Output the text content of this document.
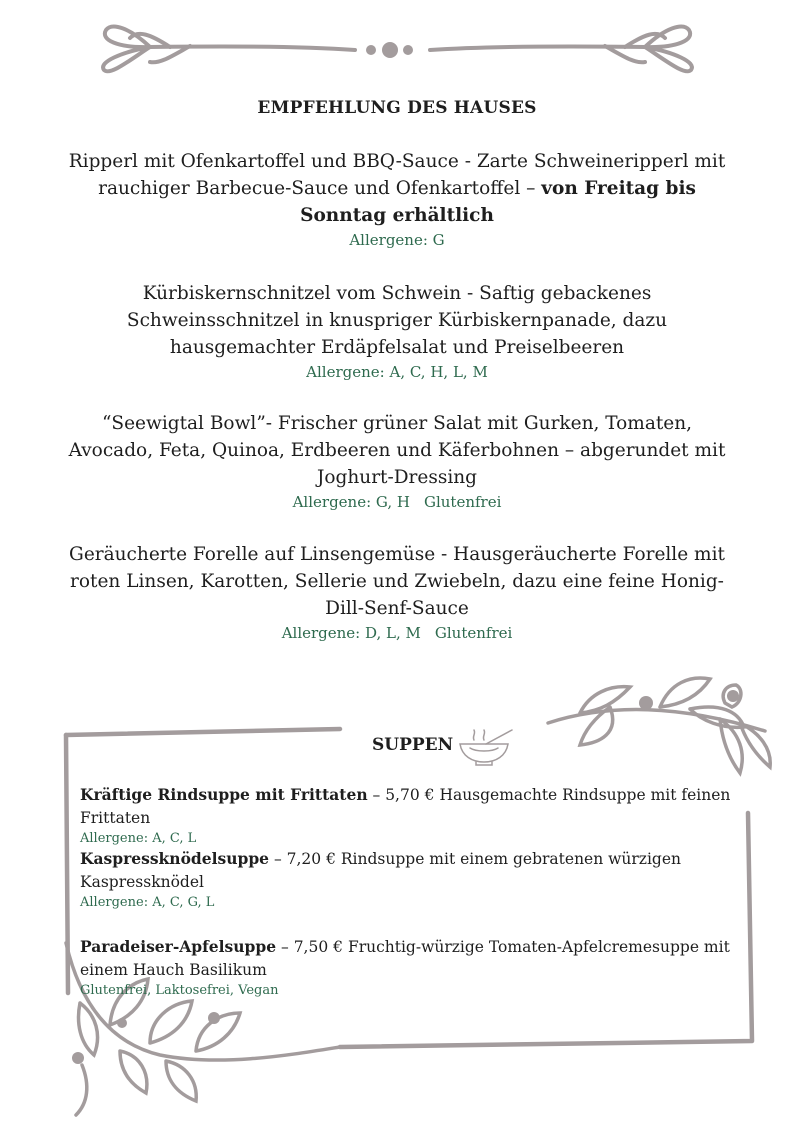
EMPFEHLUNG DES HAUSES
Ripperl mit Ofenkartoffel und BBQ-Sauce - Zarte Schweineripperl mit rauchiger Barbecue-Sauce und Ofenkartoffel – von Freitag bis Sonntag erhältlich
Allergene: G
Kürbiskernschnitzel vom Schwein - Saftig gebackenes Schweinsschnitzel in knuspriger Kürbiskernpanade, dazu hausgemachter Erdäpfelsalat und Preiselbeeren
Allergene: A, C, H, L, M
“Seewigtal Bowl”- Frischer grüner Salat mit Gurken, Tomaten, Avocado, Feta, Quinoa, Erdbeeren und Käferbohnen – abgerundet mit Joghurt-Dressing
Allergene: G, H Glutenfrei
Geräucherte Forelle auf Linsengemüse - Hausgeräucherte Forelle mit roten Linsen, Karotten, Sellerie und Zwiebeln, dazu eine feine Honig-Dill-Senf-Sauce
Allergene: D, L, M Glutenfrei
SUPPEN
Kräftige Rindsuppe mit Frittaten – 5,70 € Hausgemachte Rindsuppe mit feinen Frittaten
Allergene: A, C, L
Kaspressknödelsuppe – 7,20 € Rindsuppe mit einem gebratenen würzigen Kaspressknödel
Allergene: A, C, G, L
Paradeiser-Apfelsuppe – 7,50 € Fruchtig-würzige Tomaten-Apfelcremesuppe mit einem Hauch Basilikum
Glutenfrei, Laktosefrei, Vegan
